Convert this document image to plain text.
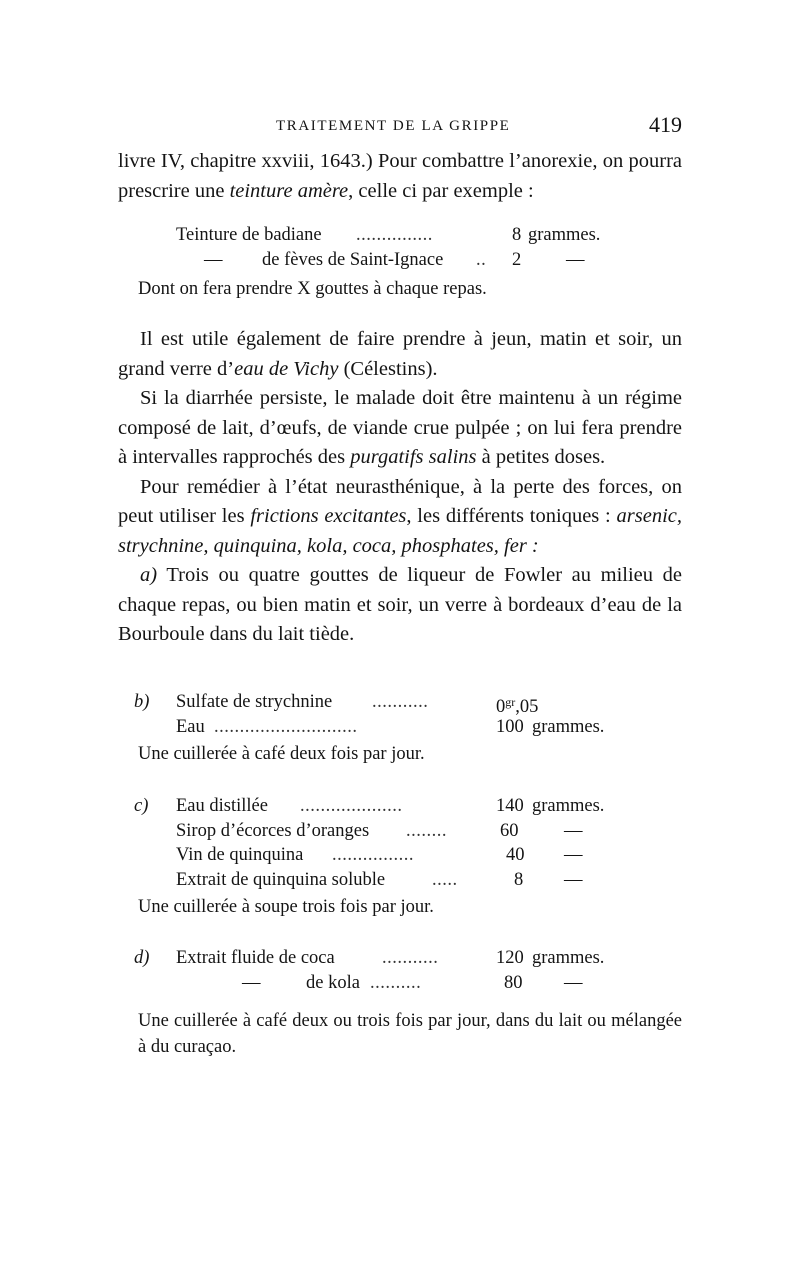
TRAITEMENT DE LA GRIPPE	419

livre IV, chapitre xxviii, 1643.) Pour combattre l’anorexie, on pourra prescrire une teinture amère, celle ci par exemple :

Teinture de badiane ...............	8 grammes.
— de fèves de Saint-Ignace .. 2 —
Dont on fera prendre X gouttes à chaque repas.

Il est utile également de faire prendre à jeun, matin et soir, un grand verre d’eau de Vichy (Célestins).

Si la diarrhée persiste, le malade doit être maintenu à un régime composé de lait, d’œufs, de viande crue pulpée ; on lui fera prendre à intervalles rapprochés des purgatifs salins à petites doses.

Pour remédier à l’état neurasthénique, à la perte des forces, on peut utiliser les frictions excitantes, les différents toniques : arsenic, strychnine, quinquina, kola, coca, phosphates, fer :

a) Trois ou quatre gouttes de liqueur de Fowler au milieu de chaque repas, ou bien matin et soir, un verre à bordeaux d’eau de la Bourboule dans du lait tiède.

b) Sulfate de strychnine ...........	$0^{gr},05$
Eau ............................	100 grammes.
Une cuillerée à café deux fois par jour.
c) Eau distillée ....................	140 grammes.
Sirop d’écorces d’oranges ........	60 —
Vin de quinquina ................	40 —
Extrait de quinquina soluble	.....	8 —
Une cuillerée à soupe trois fois par jour.
d) Extrait fluide de coca	...........	120 grammes.
— de kola ..........	80 —
Une cuillerée à café deux ou trois fois par jour, dans du lait ou mélangée à du curaçao.
